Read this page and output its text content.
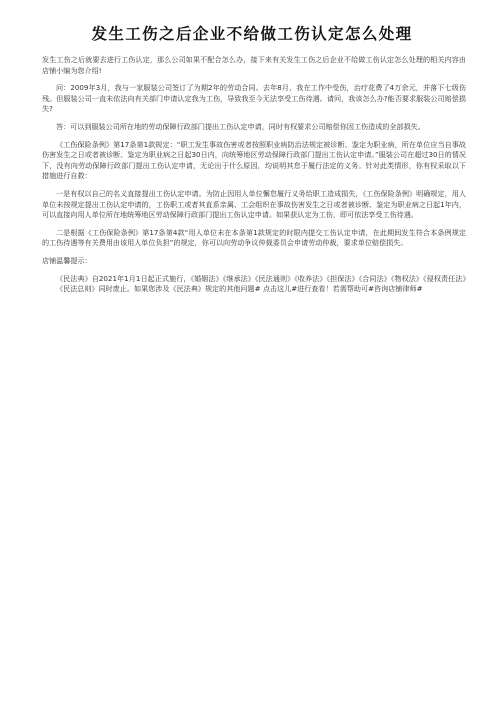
发生工伤之后企业不给做工伤认定怎么处理

发生工伤之后就要去进行工伤认定，那么公司如果不配合怎么办，接下来有关发生工伤之后企业不给做工伤认定怎么处理的相关内容由店铺小编为您介绍!

问：2009年3月，我与一家服装公司签订了为期2年的劳动合同。去年8月，我在工作中受伤，治疗花费了4万余元，并落下七级伤残。但服装公司一直未依法向有关部门申请认定我为工伤，导致我至今无法享受工伤待遇。请问，我该怎么办?能否要求服装公司赔偿损失?

答：可以到服装公司所在地的劳动保障行政部门提出工伤认定申请，同时有权要求公司赔偿你因工伤造成的全部损失。

《工伤保险条例》第17条第1款规定：“职工发生事故伤害或者按照职业病防治法规定被诊断、鉴定为职业病，所在单位应当自事故伤害发生之日或者被诊断、鉴定为职业病之日起30日内，向统筹地区劳动保障行政部门提出工伤认定申请。”服装公司在超过30日的情况下，没有向劳动保障行政部门提出工伤认定申请，无论出于什么原因，均说明其怠于履行法定的义务。针对此类情形，你有权采取以下措施进行自救：

一是有权以自己的名义直接提出工伤认定申请。为防止因用人单位懈怠履行义务给职工造成损失，《工伤保险条例》明确规定，用人单位未按规定提出工伤认定申请的，工伤职工或者其直系亲属、工会组织在事故伤害发生之日或者被诊断、鉴定为职业病之日起1年内，可以直接向用人单位所在地统筹地区劳动保障行政部门提出工伤认定申请。如果获认定为工伤，即可依法享受工伤待遇。

二是根据《工伤保险条例》第17条第4款“用人单位未在本条第1款规定的时限内提交工伤认定申请，在此期间发生符合本条例规定的工伤待遇等有关费用由该用人单位负担”的规定，你可以向劳动争议仲裁委员会申请劳动仲裁，要求单位赔偿损失。

店铺温馨提示：

《民法典》自2021年1月1日起正式施行，《婚姻法》《继承法》《民法通则》《收养法》《担保法》《合同法》《物权法》《侵权责任法》《民法总则》同时废止。如果您涉及《民法典》规定的其他问题# 点击这儿#进行查看！若需帮助可#咨询店铺律师#
